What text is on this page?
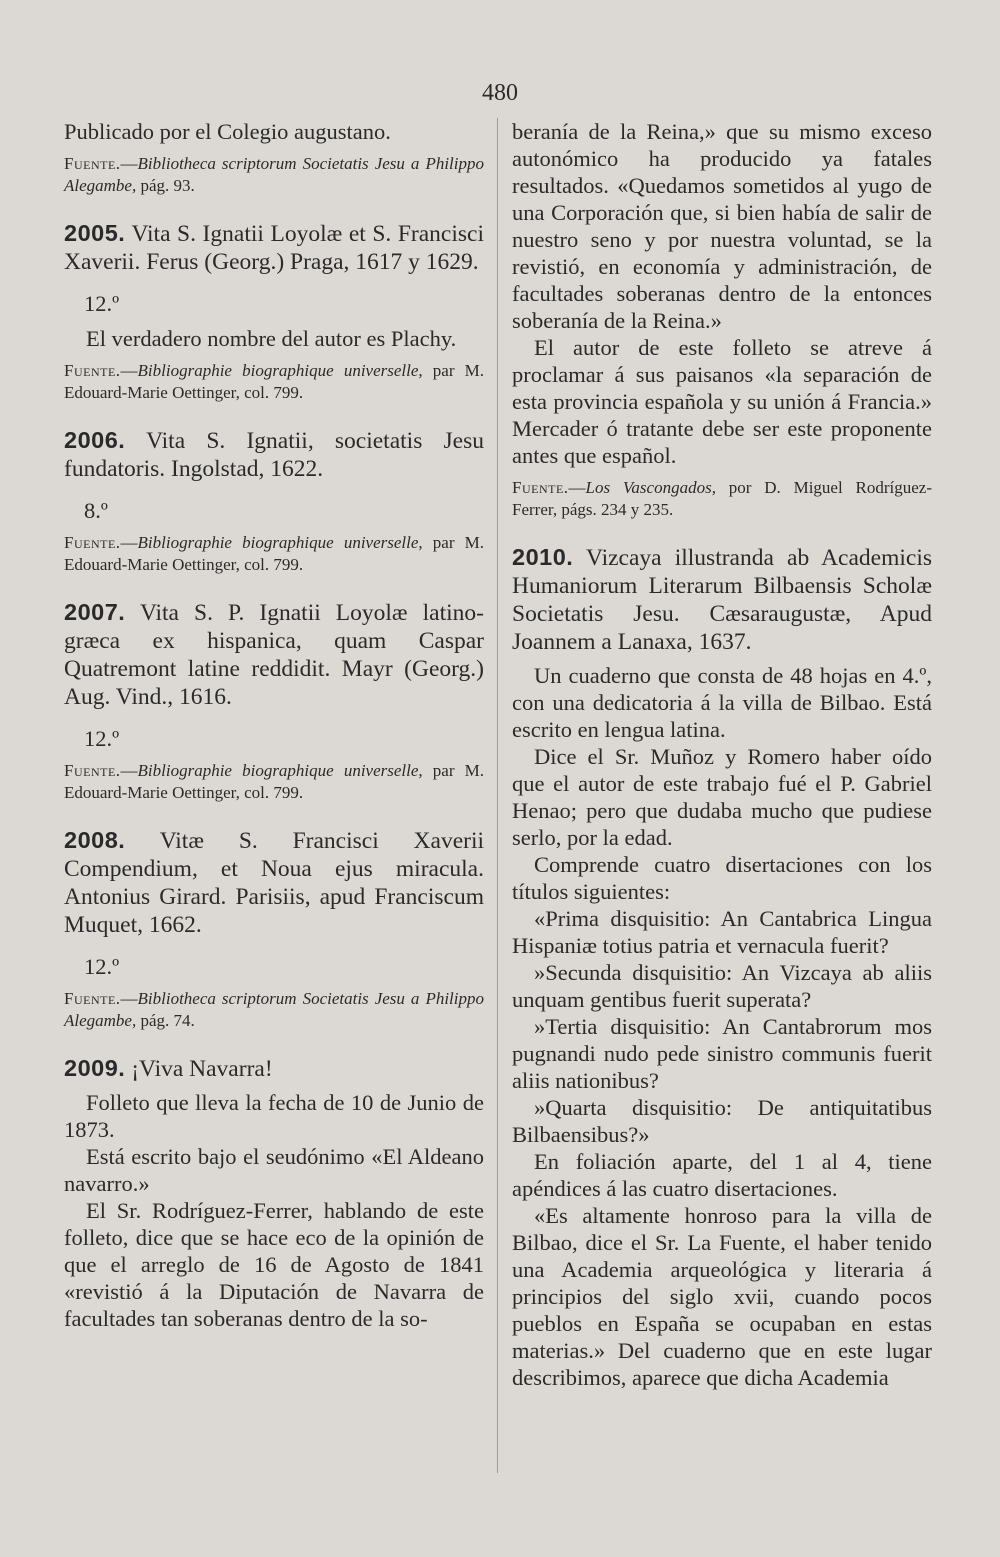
480

Publicado por el Colegio augustano.

Fuente.—Bibliotheca scriptorum Societatis Jesu a Philippo Alegambe, pág. 93.
2005. Vita S. Ignatii Loyolæ et S. Francisci Xaverii. Ferus (Georg.) Praga, 1617 y 1629.
12.º

El verdadero nombre del autor es Plachy.

Fuente.—Bibliographie biographique universelle, par M. Edouard-Marie Oettinger, col. 799.
2006. Vita S. Ignatii, societatis Jesu fundatoris. Ingolstad, 1622.
8.º
Fuente.—Bibliographie biographique universelle, par M. Edouard-Marie Oettinger, col. 799.
2007. Vita S. P. Ignatii Loyolæ latino-græca ex hispanica, quam Caspar Quatremont latine reddidit. Mayr (Georg.) Aug. Vind., 1616.
12.º
Fuente.—Bibliographie biographique universelle, par M. Edouard-Marie Oettinger, col. 799.
2008. Vitæ S. Francisci Xaverii Compendium, et Noua ejus miracula. Antonius Girard. Parisiis, apud Franciscum Muquet, 1662.
12.º
Fuente.—Bibliotheca scriptorum Societatis Jesu a Philippo Alegambe, pág. 74.
2009. ¡Viva Navarra!

Folleto que lleva la fecha de 10 de Junio de 1873.

Está escrito bajo el seudónimo «El Aldeano navarro.»

El Sr. Rodríguez-Ferrer, hablando de este folleto, dice que se hace eco de la opinión de que el arreglo de 16 de Agosto de 1841 «revistió á la Diputación de Navarra de facultades tan soberanas dentro de la so-

beranía de la Reina,» que su mismo exceso autonómico ha producido ya fatales resultados. «Quedamos sometidos al yugo de una Corporación que, si bien había de salir de nuestro seno y por nuestra voluntad, se la revistió, en economía y administración, de facultades soberanas dentro de la entonces soberanía de la Reina.»

El autor de este folleto se atreve á proclamar á sus paisanos «la separación de esta provincia española y su unión á Francia.» Mercader ó tratante debe ser este proponente antes que español.

Fuente.—Los Vascongados, por D. Miguel Rodríguez-Ferrer, págs. 234 y 235.
2010. Vizcaya illustranda ab Academicis Humaniorum Literarum Bilbaensis Scholæ Societatis Jesu. Cæsaraugustæ, Apud Joannem a Lanaxa, 1637.

Un cuaderno que consta de 48 hojas en 4.º, con una dedicatoria á la villa de Bilbao. Está escrito en lengua latina.

Dice el Sr. Muñoz y Romero haber oído que el autor de este trabajo fué el P. Gabriel Henao; pero que dudaba mucho que pudiese serlo, por la edad.

Comprende cuatro disertaciones con los títulos siguientes:

«Prima disquisitio: An Cantabrica Lingua Hispaniæ totius patria et vernacula fuerit?

»Secunda disquisitio: An Vizcaya ab aliis unquam gentibus fuerit superata?

»Tertia disquisitio: An Cantabrorum mos pugnandi nudo pede sinistro communis fuerit aliis nationibus?

»Quarta disquisitio: De antiquitatibus Bilbaensibus?»

En foliación aparte, del 1 al 4, tiene apéndices á las cuatro disertaciones.

«Es altamente honroso para la villa de Bilbao, dice el Sr. La Fuente, el haber tenido una Academia arqueológica y literaria á principios del siglo xvii, cuando pocos pueblos en España se ocupaban en estas materias.» Del cuaderno que en este lugar describimos, aparece que dicha Academia
